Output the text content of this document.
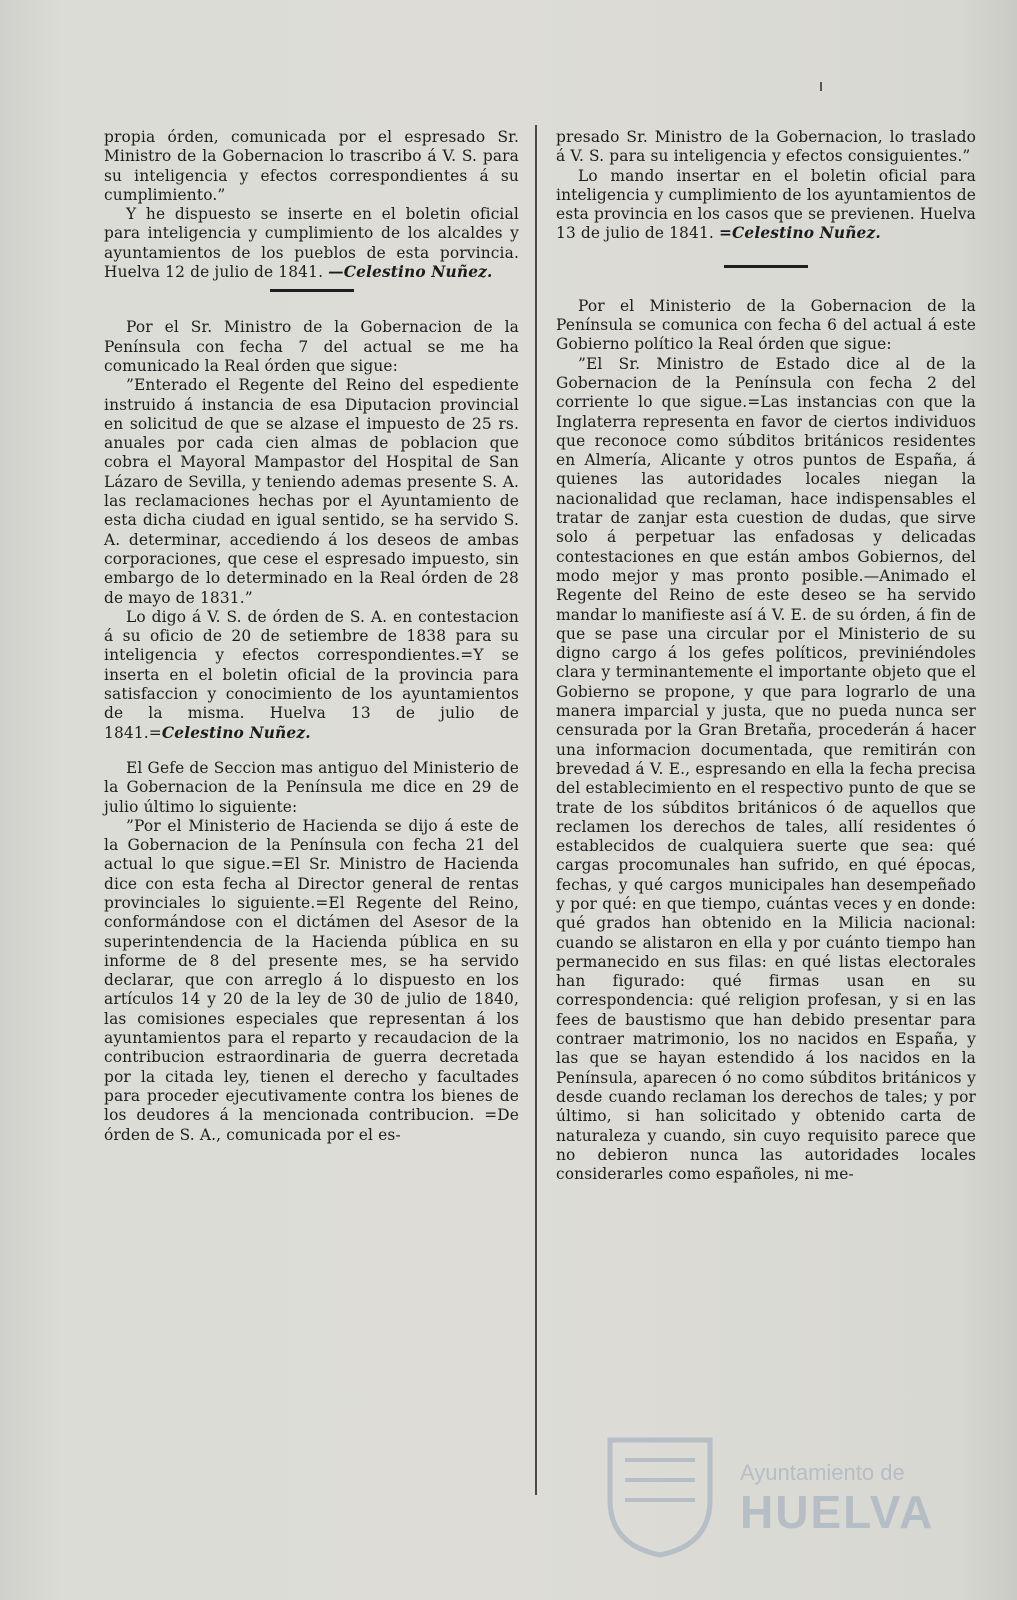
propia órden, comunicada por el espresado Sr. Ministro de la Gobernacion lo trascribo á V. S. para su inteligencia y efectos correspondientes á su cumplimiento.”

Y he dispuesto se inserte en el boletin oficial para inteligencia y cumplimiento de los alcaldes y ayuntamientos de los pueblos de esta porvincia. Huelva 12 de julio de 1841. —Celestino Nuñez.

Por el Sr. Ministro de la Gobernacion de la Península con fecha 7 del actual se me ha comunicado la Real órden que sigue:

”Enterado el Regente del Reino del espediente instruido á instancia de esa Diputacion provincial en solicitud de que se alzase el impuesto de 25 rs. anuales por cada cien almas de poblacion que cobra el Mayoral Mampastor del Hospital de San Lázaro de Sevilla, y teniendo ademas presente S. A. las reclamaciones hechas por el Ayuntamiento de esta dicha ciudad en igual sentido, se ha servido S. A. determinar, accediendo á los deseos de ambas corporaciones, que cese el espresado impuesto, sin embargo de lo determinado en la Real órden de 28 de mayo de 1831.”

Lo digo á V. S. de órden de S. A. en contestacion á su oficio de 20 de setiembre de 1838 para su inteligencia y efectos correspondientes.=Y se inserta en el boletin oficial de la provincia para satisfaccion y conocimiento de los ayuntamientos de la misma. Huelva 13 de julio de 1841.=Celestino Nuñez.

El Gefe de Seccion mas antiguo del Ministerio de la Gobernacion de la Península me dice en 29 de julio último lo siguiente:

”Por el Ministerio de Hacienda se dijo á este de la Gobernacion de la Península con fecha 21 del actual lo que sigue.=El Sr. Ministro de Hacienda dice con esta fecha al Director general de rentas provinciales lo siguiente.=El Regente del Reino, conformándose con el dictámen del Asesor de la superintendencia de la Hacienda pública en su informe de 8 del presente mes, se ha servido declarar, que con arreglo á lo dispuesto en los artículos 14 y 20 de la ley de 30 de julio de 1840, las comisiones especiales que representan á los ayuntamientos para el reparto y recaudacion de la contribucion estraordinaria de guerra decretada por la citada ley, tienen el derecho y facultades para proceder ejecutivamente contra los bienes de los deudores á la mencionada contribucion. =De órden de S. A., comunicada por el es-

presado Sr. Ministro de la Gobernacion, lo traslado á V. S. para su inteligencia y efectos consiguientes.”

Lo mando insertar en el boletin oficial para inteligencia y cumplimiento de los ayuntamientos de esta provincia en los casos que se previenen. Huelva 13 de julio de 1841. =Celestino Nuñez.

Por el Ministerio de la Gobernacion de la Península se comunica con fecha 6 del actual á este Gobierno político la Real órden que sigue:

”El Sr. Ministro de Estado dice al de la Gobernacion de la Península con fecha 2 del corriente lo que sigue.=Las instancias con que la Inglaterra representa en favor de ciertos individuos que reconoce como súbditos británicos residentes en Almería, Alicante y otros puntos de España, á quienes las autoridades locales niegan la nacionalidad que reclaman, hace indispensables el tratar de zanjar esta cuestion de dudas, que sirve solo á perpetuar las enfadosas y delicadas contestaciones en que están ambos Gobiernos, del modo mejor y mas pronto posible.—Animado el Regente del Reino de este deseo se ha servido mandar lo manifieste así á V. E. de su órden, á fin de que se pase una circular por el Ministerio de su digno cargo á los gefes políticos, previniéndoles clara y terminantemente el importante objeto que el Gobierno se propone, y que para lograrlo de una manera imparcial y justa, que no pueda nunca ser censurada por la Gran Bretaña, procederán á hacer una informacion documentada, que remitirán con brevedad á V. E., espresando en ella la fecha precisa del establecimiento en el respectivo punto de que se trate de los súbditos británicos ó de aquellos que reclamen los derechos de tales, allí residentes ó establecidos de cualquiera suerte que sea: qué cargas procomunales han sufrido, en qué épocas, fechas, y qué cargos municipales han desempeñado y por qué: en que tiempo, cuántas veces y en donde: qué grados han obtenido en la Milicia nacional: cuando se alistaron en ella y por cuánto tiempo han permanecido en sus filas: en qué listas electorales han figurado: qué firmas usan en su correspondencia: qué religion profesan, y si en las fees de baustismo que han debido presentar para contraer matrimonio, los no nacidos en España, y las que se hayan estendido á los nacidos en la Península, aparecen ó no como súbditos británicos y desde cuando reclaman los derechos de tales; y por último, si han solicitado y obtenido carta de naturaleza y cuando, sin cuyo requisito parece que no debieron nunca las autoridades locales considerarles como españoles, ni me-

Ayuntamiento de
HUELVA
